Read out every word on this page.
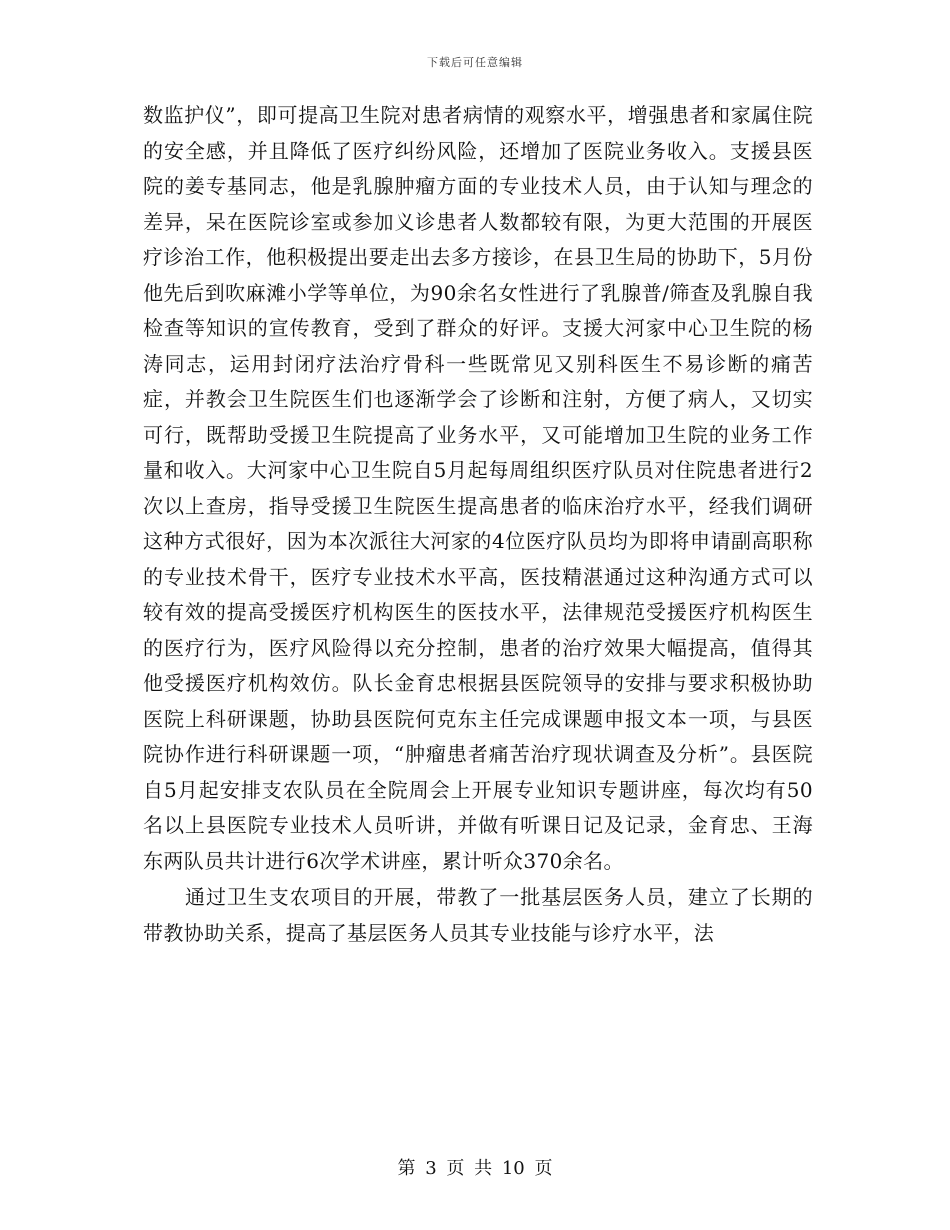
下载后可任意编辑

数监护仪”，即可提高卫生院对患者病情的观察水平，增强患者和家属住院的安全感，并且降低了医疗纠纷风险，还增加了医院业务收入。支援县医院的姜专基同志，他是乳腺肿瘤方面的专业技术人员，由于认知与理念的差异，呆在医院诊室或参加义诊患者人数都较有限，为更大范围的开展医疗诊治工作，他积极提出要走出去多方接诊，在县卫生局的协助下，5月份他先后到吹麻滩小学等单位，为90余名女性进行了乳腺普/筛查及乳腺自我检查等知识的宣传教育，受到了群众的好评。支援大河家中心卫生院的杨涛同志，运用封闭疗法治疗骨科一些既常见又别科医生不易诊断的痛苦症，并教会卫生院医生们也逐渐学会了诊断和注射，方便了病人，又切实可行，既帮助受援卫生院提高了业务水平，又可能增加卫生院的业务工作量和收入。大河家中心卫生院自5月起每周组织医疗队员对住院患者进行2次以上查房，指导受援卫生院医生提高患者的临床治疗水平，经我们调研这种方式很好，因为本次派往大河家的4位医疗队员均为即将申请副高职称的专业技术骨干，医疗专业技术水平高，医技精湛通过这种沟通方式可以较有效的提高受援医疗机构医生的医技水平，法律规范受援医疗机构医生的医疗行为，医疗风险得以充分控制，患者的治疗效果大幅提高，值得其他受援医疗机构效仿。队长金育忠根据县医院领导的安排与要求积极协助医院上科研课题，协助县医院何克东主任完成课题申报文本一项，与县医院协作进行科研课题一项，“肿瘤患者痛苦治疗现状调查及分析”。县医院自5月起安排支农队员在全院周会上开展专业知识专题讲座，每次均有50名以上县医院专业技术人员听讲，并做有听课日记及记录，金育忠、王海东两队员共计进行6次学术讲座，累计听众370余名。

通过卫生支农项目的开展，带教了一批基层医务人员，建立了长期的带教协助关系，提高了基层医务人员其专业技能与诊疗水平，法

第 3 页 共 10 页
